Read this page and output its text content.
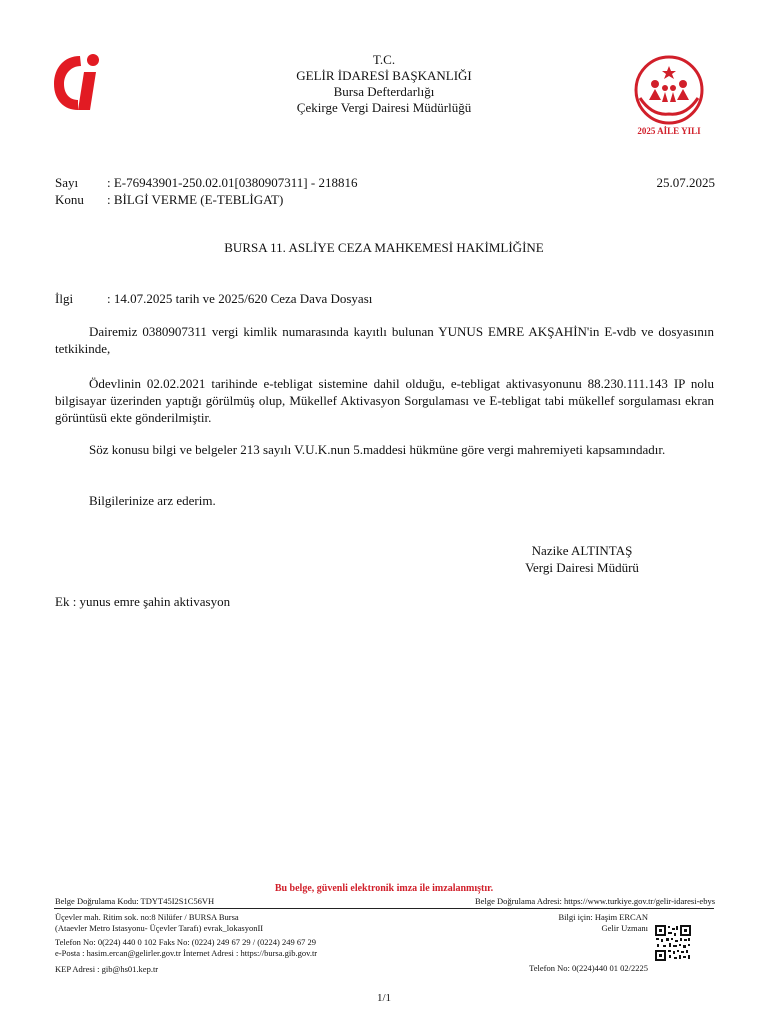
T.C.
GELİR İDARESİ BAŞKANLIĞI
Bursa Defterdarlığı
Çekirge Vergi Dairesi Müdürlüğü
2025 AİLE YILI
Sayı	: E-76943901-250.02.01[0380907311] - 218816	25.07.2025
Konu	: BİLGİ VERME (E-TEBLİGAT)
BURSA 11. ASLİYE CEZA MAHKEMESİ HAKİMLİĞİNE
İlgi	: 14.07.2025 tarih ve 2025/620 Ceza Dava Dosyası
Dairemiz 0380907311 vergi kimlik numarasında kayıtlı bulunan YUNUS EMRE AKŞAHİN'in E-vdb ve dosyasının tetkikinde,
Ödevlinin 02.02.2021 tarihinde e-tebligat sistemine dahil olduğu, e-tebligat aktivasyonunu 88.230.111.143 IP nolu bilgisayar üzerinden yaptığı görülmüş olup, Mükellef Aktivasyon Sorgulaması ve E-tebligat tabi mükellef sorgulaması ekran görüntüsü ekte gönderilmiştir.
Söz konusu bilgi ve belgeler 213 sayılı V.U.K.nun 5.maddesi hükmüne göre vergi mahremiyeti kapsamındadır.
Bilgilerinize arz ederim.
Nazike ALTINTAŞ
Vergi Dairesi Müdürü
Ek : yunus emre şahin aktivasyon
Bu belge, güvenli elektronik imza ile imzalanmıştır.
Belge Doğrulama Kodu: TDYT45I2S1C56VH	Belge Doğrulama Adresi: https://www.turkiye.gov.tr/gelir-idaresi-ebys
Üçevler mah. Ritim sok. no:8 Nilüfer / BURSA Bursa
(Ataevler Metro Istasyonu- Üçevler Tarafı) evrak_lokasyonII
Telefon No: 0(224) 440 0 102 Faks No: (0224) 249 67 29 / (0224) 249 67 29
e-Posta : hasim.ercan@gelirler.gov.tr İnternet Adresi : https://bursa.gib.gov.tr
KEP Adresi : gib@hs01.kep.tr
Bilgi için: Haşim ERCAN
Gelir Uzmanı
Telefon No: 0(224)440 01 02/2225
1/1
